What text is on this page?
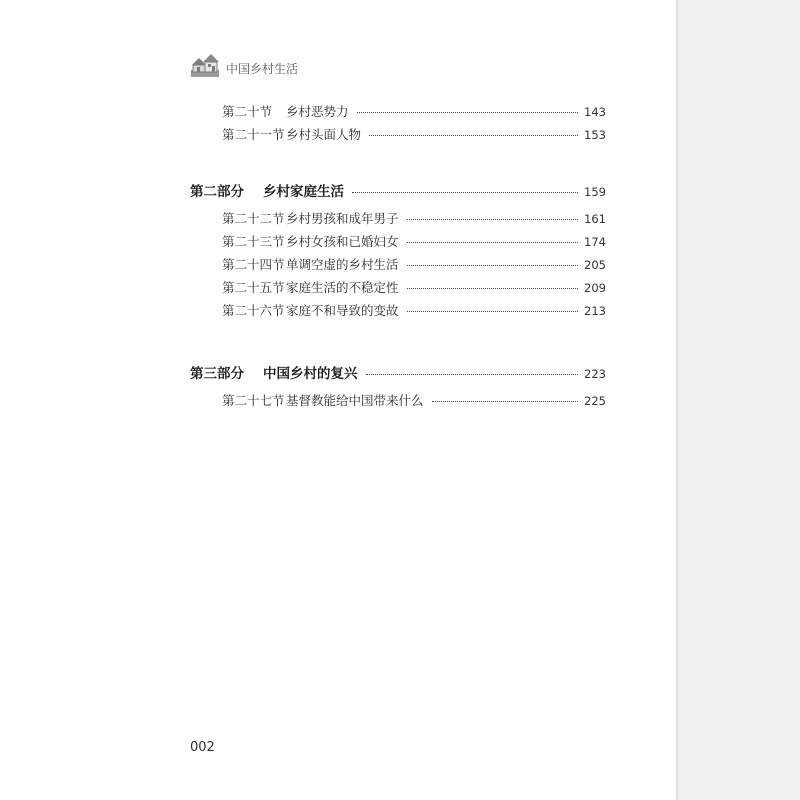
中国乡村生活
第二十节	乡村恶势力	143
第二十一节 乡村头面人物	153
第二部分	乡村家庭生活	159
第二十二节 乡村男孩和成年男子	161
第二十三节 乡村女孩和已婚妇女	174
第二十四节 单调空虚的乡村生活	205
第二十五节 家庭生活的不稳定性	209
第二十六节 家庭不和导致的变故	213
第三部分	中国乡村的复兴	223
第二十七节 基督教能给中国带来什么	225
002
